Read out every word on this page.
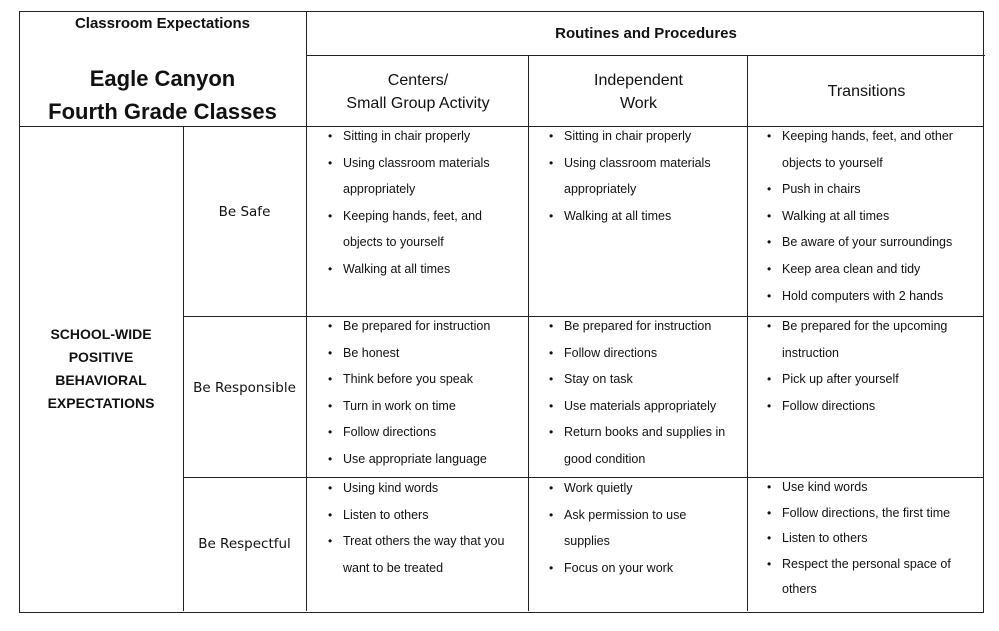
Classroom Expectations
Eagle Canyon
Fourth Grade Classes
Routines and Procedures
Centers/
Small Group Activity
Independent
Work
Transitions
SCHOOL-WIDE
POSITIVE
BEHAVIORAL
EXPECTATIONS
Be Safe
• Sitting in chair properly
• Using classroom materials
appropriately
• Keeping hands, feet, and
objects to yourself
• Walking at all times
• Sitting in chair properly
• Using classroom materials
appropriately
• Walking at all times
• Keeping hands, feet, and other
objects to yourself
• Push in chairs
• Walking at all times
• Be aware of your surroundings
• Keep area clean and tidy
• Hold computers with 2 hands
Be Responsible
• Be prepared for instruction
• Be honest
• Think before you speak
• Turn in work on time
• Follow directions
• Use appropriate language
• Be prepared for instruction
• Follow directions
• Stay on task
• Use materials appropriately
• Return books and supplies in
good condition
• Be prepared for the upcoming
instruction
• Pick up after yourself
• Follow directions
Be Respectful
• Using kind words
• Listen to others
• Treat others the way that you
want to be treated
• Work quietly
• Ask permission to use
supplies
• Focus on your work
• Use kind words
• Follow directions, the first time
• Listen to others
• Respect the personal space of
others
